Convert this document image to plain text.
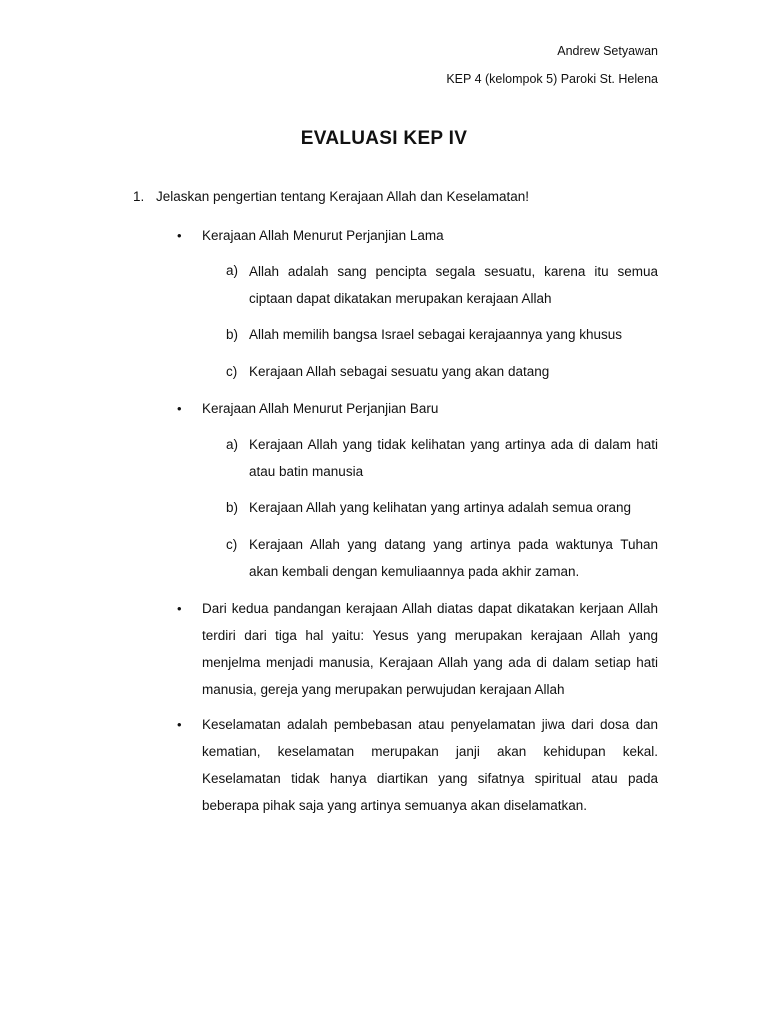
Andrew Setyawan
KEP 4 (kelompok 5) Paroki St. Helena
EVALUASI KEP IV
1. Jelaskan pengertian tentang Kerajaan Allah dan Keselamatan!
• Kerajaan Allah Menurut Perjanjian Lama
a) Allah adalah sang pencipta segala sesuatu, karena itu semua ciptaan dapat dikatakan merupakan kerajaan Allah
b) Allah memilih bangsa Israel sebagai kerajaannya yang khusus
c) Kerajaan Allah sebagai sesuatu yang akan datang
• Kerajaan Allah Menurut Perjanjian Baru
a) Kerajaan Allah yang tidak kelihatan yang artinya ada di dalam hati atau batin manusia
b) Kerajaan Allah yang kelihatan yang artinya adalah semua orang
c) Kerajaan Allah yang datang yang artinya pada waktunya Tuhan akan kembali dengan kemuliaannya pada akhir zaman.
• Dari kedua pandangan kerajaan Allah diatas dapat dikatakan kerjaan Allah terdiri dari tiga hal yaitu: Yesus yang merupakan kerajaan Allah yang menjelma menjadi manusia, Kerajaan Allah yang ada di dalam setiap hati manusia, gereja yang merupakan perwujudan kerajaan Allah
• Keselamatan adalah pembebasan atau penyelamatan jiwa dari dosa dan kematian, keselamatan merupakan janji akan kehidupan kekal. Keselamatan tidak hanya diartikan yang sifatnya spiritual atau pada beberapa pihak saja yang artinya semuanya akan diselamatkan.
